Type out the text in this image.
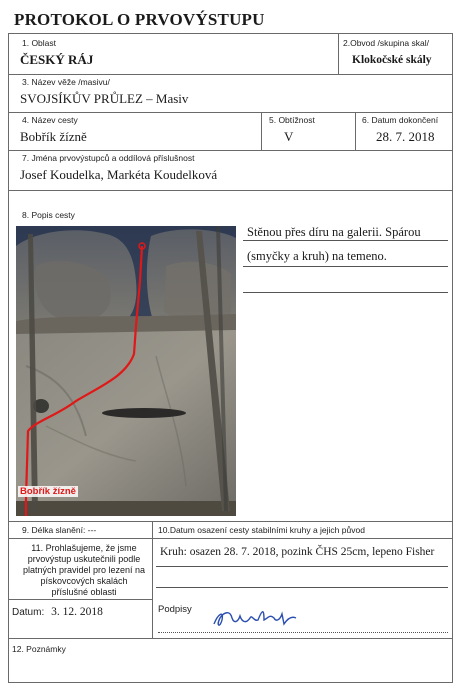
PROTOKOL O PRVOVÝSTUPU
1. Oblast
ČESKÝ RÁJ
2.Obvod /skupina skal/
Klokočské skály
3. Název věže /masivu/
SVOJSÍKŮV PRŮLEZ – Masiv
4. Název cesty
Bobřík žízně
5. Obtížnost
V
6. Datum dokončení
28. 7. 2018
7. Jména prvovýstupců a oddílová příslušnost
Josef Koudelka, Markéta Koudelková
8. Popis cesty
Bobřík žízně
Stěnou přes díru na galerii. Spárou
(smyčky a kruh) na temeno.
9. Délka slanění: ---	10.Datum osazení cesty stabilními kruhy a jejich původ
11. Prohlašujeme, že jsme
prvovýstup uskutečnili podle
platných pravidel pro lezení na
pískovcových skalách
příslušné oblasti
Kruh: osazen 28. 7. 2018, pozink ČHS 25cm, lepeno Fisher
Datum: 3. 12. 2018	Podpisy
12. Poznámky
